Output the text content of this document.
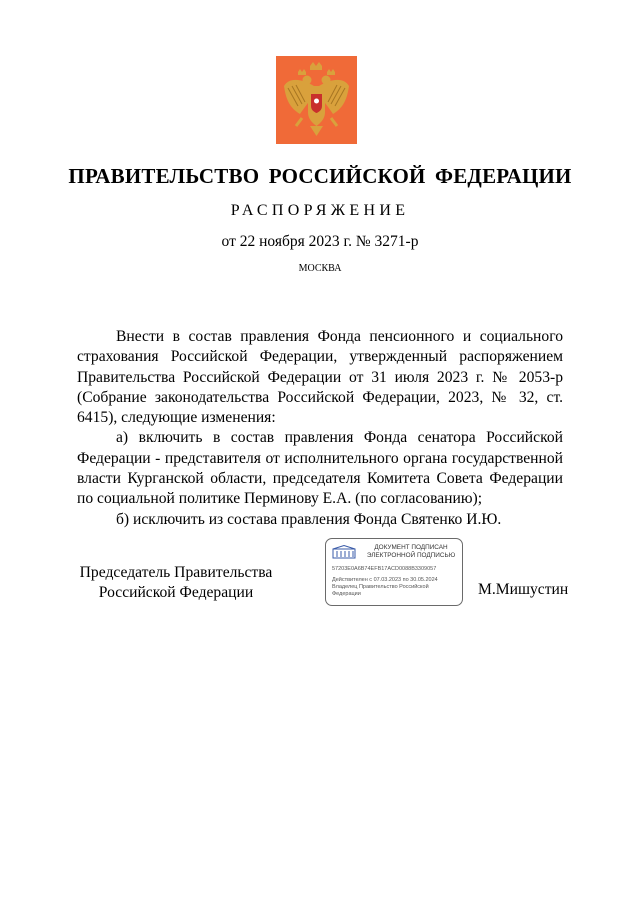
ПРАВИТЕЛЬСТВО РОССИЙСКОЙ ФЕДЕРАЦИИ
РАСПОРЯЖЕНИЕ
от 22 ноября 2023 г. № 3271-р
МОСКВА

Внести в состав правления Фонда пенсионного и социального страхования Российской Федерации, утвержденный распоряжением Правительства Российской Федерации от 31 июля 2023 г. № 2053-р (Собрание законодательства Российской Федерации, 2023, № 32, ст. 6415), следующие изменения:

а) включить в состав правления Фонда сенатора Российской Федерации - представителя от исполнительного органа государственной власти Курганской области, председателя Комитета Совета Федерации по социальной политике Перминову Е.А. (по согласованию);

б) исключить из состава правления Фонда Святенко И.Ю.

Председатель Правительства
Российской Федерации
ДОКУМЕНТ ПОДПИСАН
ЭЛЕКТРОННОЙ ПОДПИСЬЮ
57203E0A6B74EFB17ACD0088B3309057
Действителен с 07.03.2023 по 30.05.2024
Владелец Правительство Российской
Федерации	М.Мишустин
